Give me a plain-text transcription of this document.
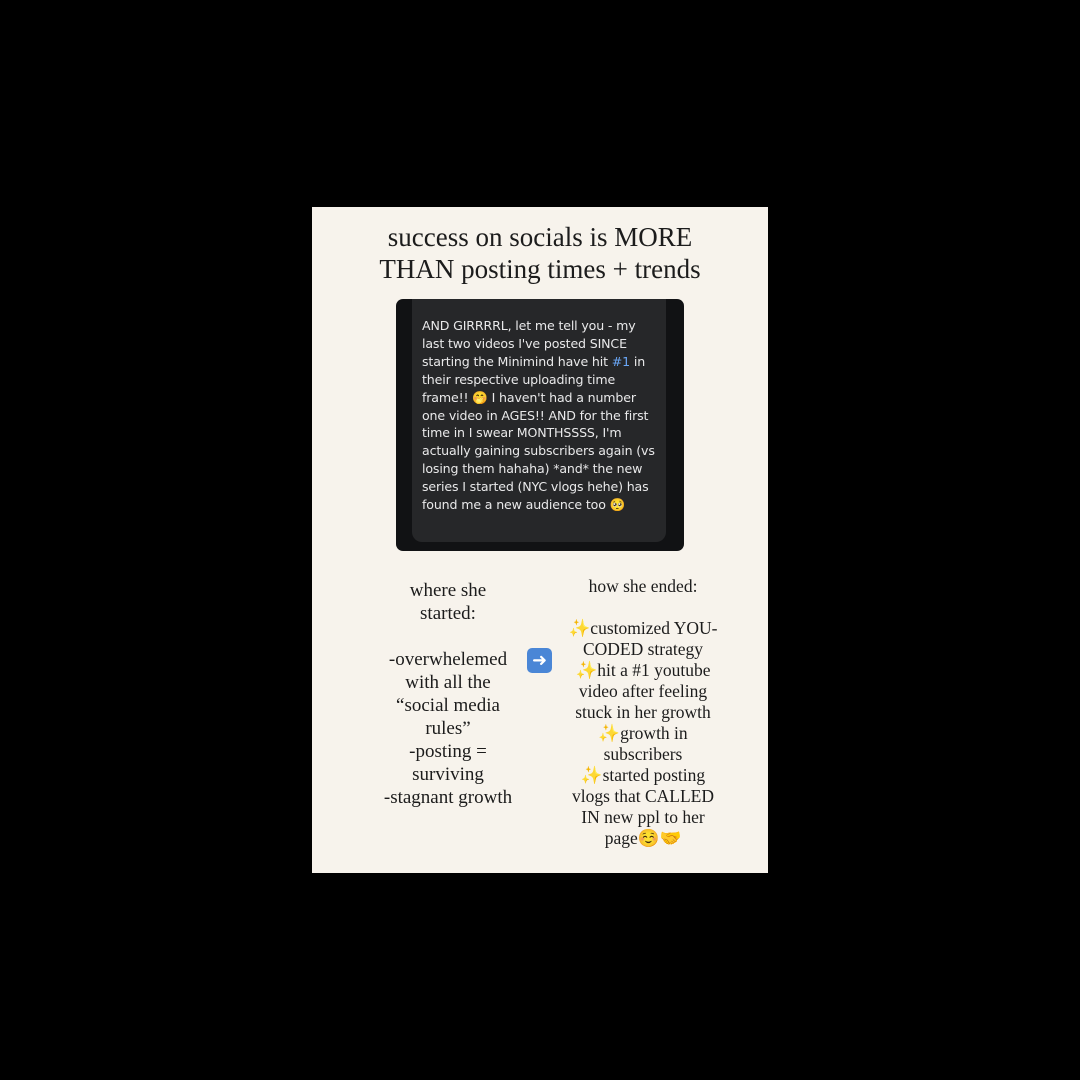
success on socials is MORE
THAN posting times + trends
AND GIRRRRL, let me tell you - my last two videos I've posted SINCE starting the Minimind have hit #1 in their respective uploading time frame!! 🤭 I haven't had a number one video in AGES!! AND for the first time in I swear MONTHSSSS, I'm actually gaining subscribers again (vs losing them hahaha) *and* the new series I started (NYC vlogs hehe) has found me a new audience too 🥺
where she
started:

-overwhelemed
with all the
“social media
rules”
-posting =
surviving
-stagnant growth
➜
how she ended:

✨customized YOU-
CODED strategy
✨hit a #1 youtube
video after feeling
stuck in her growth
✨growth in
subscribers
✨started posting
vlogs that CALLED
IN new ppl to her
page☺️🤝
